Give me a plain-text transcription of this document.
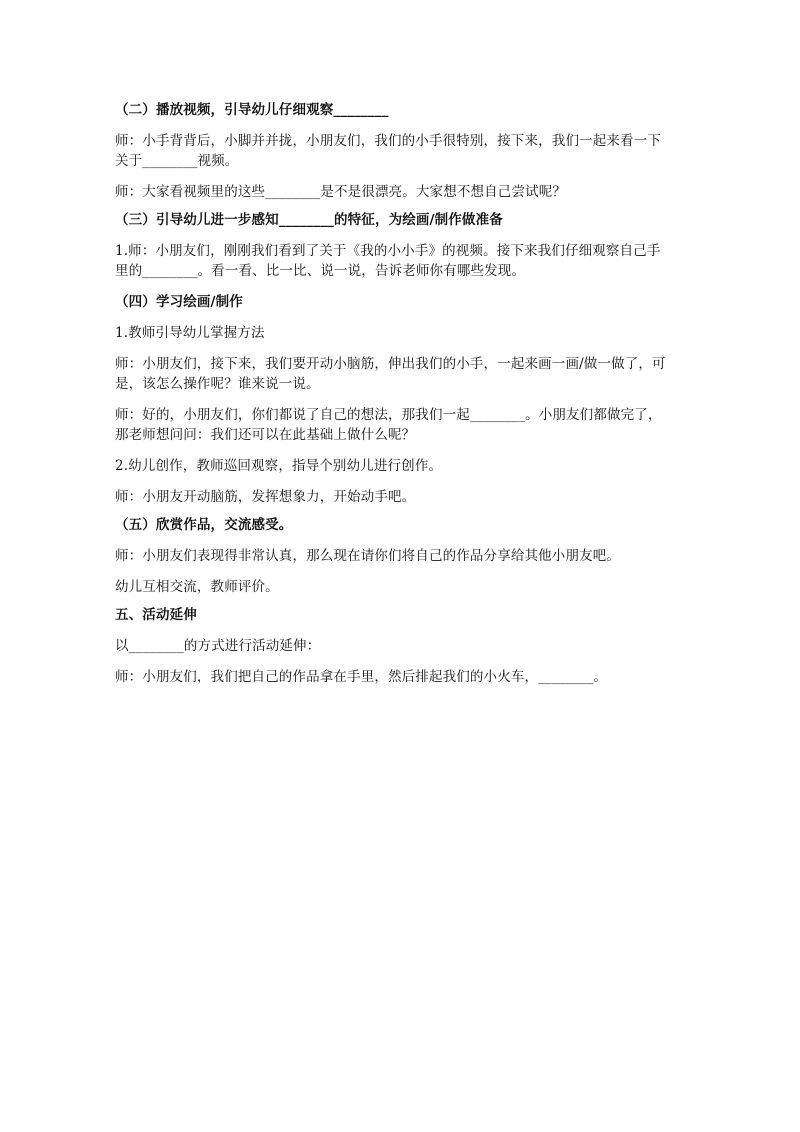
（二）播放视频，引导幼儿仔细观察________
师：小手背背后，小脚并并拢，小朋友们，我们的小手很特别，接下来，我们一起来看一下
关于________视频。
师：大家看视频里的这些________是不是很漂亮。大家想不想自己尝试呢？
（三）引导幼儿进一步感知________的特征，为绘画/制作做准备
1.师：小朋友们，刚刚我们看到了关于《我的小小手》的视频。接下来我们仔细观察自己手
里的________。看一看、比一比、说一说，告诉老师你有哪些发现。
（四）学习绘画/制作
1.教师引导幼儿掌握方法
师：小朋友们，接下来，我们要开动小脑筋，伸出我们的小手，一起来画一画/做一做了，可
是，该怎么操作呢？谁来说一说。
师：好的，小朋友们，你们都说了自己的想法，那我们一起________。小朋友们都做完了，
那老师想问问：我们还可以在此基础上做什么呢？
2.幼儿创作，教师巡回观察，指导个别幼儿进行创作。
师：小朋友开动脑筋，发挥想象力，开始动手吧。
（五）欣赏作品，交流感受。
师：小朋友们表现得非常认真，那么现在请你们将自己的作品分享给其他小朋友吧。
幼儿互相交流，教师评价。
五、活动延伸
以________的方式进行活动延伸：
师：小朋友们，我们把自己的作品拿在手里，然后排起我们的小火车，________。
